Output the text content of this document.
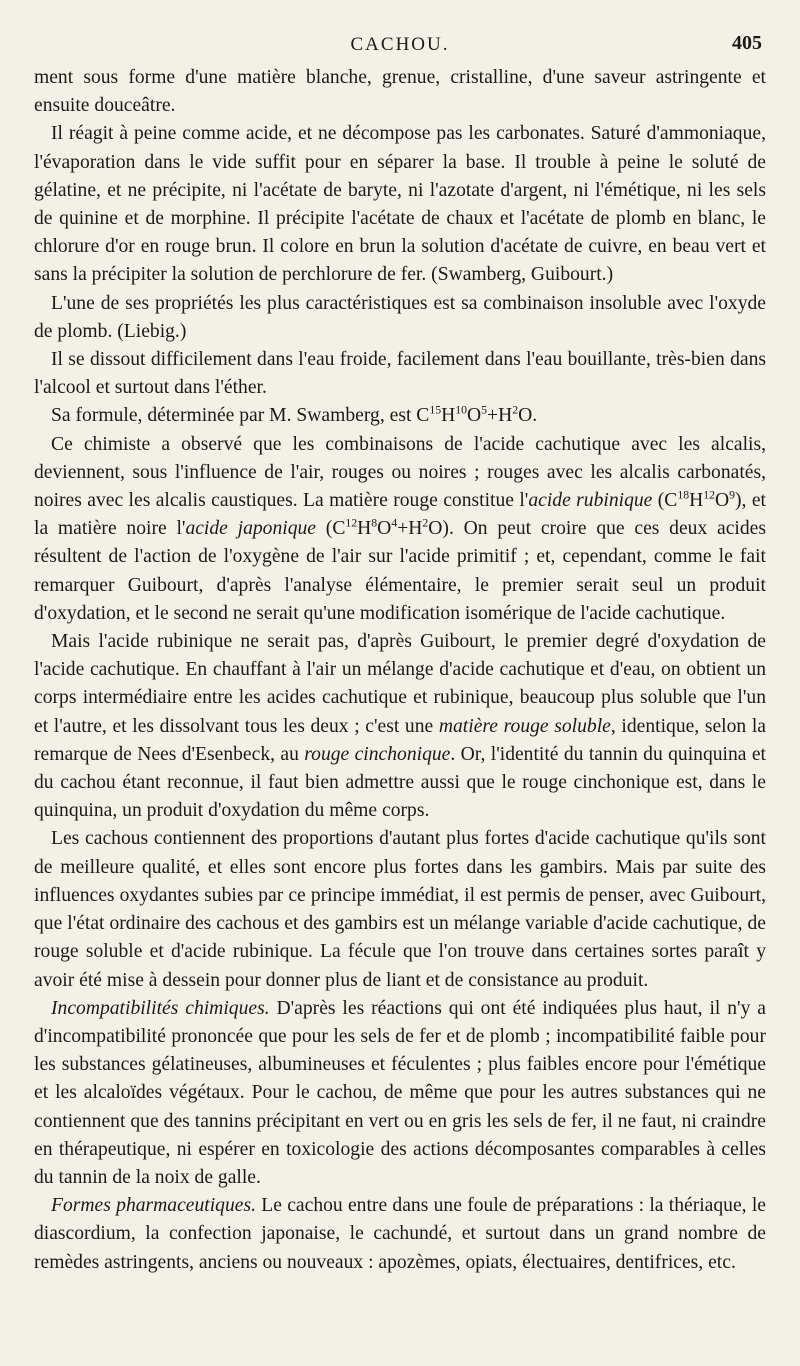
CACHOU.	405

ment sous forme d'une matière blanche, grenue, cristalline, d'une saveur astringente et ensuite douceâtre.

Il réagit à peine comme acide, et ne décompose pas les carbonates. Saturé d'ammoniaque, l'évaporation dans le vide suffit pour en séparer la base. Il trouble à peine le soluté de gélatine, et ne précipite, ni l'acétate de baryte, ni l'azotate d'argent, ni l'émétique, ni les sels de quinine et de morphine. Il précipite l'acétate de chaux et l'acétate de plomb en blanc, le chlorure d'or en rouge brun. Il colore en brun la solution d'acétate de cuivre, en beau vert et sans la précipiter la solution de perchlorure de fer. (Swamberg, Guibourt.)

L'une de ses propriétés les plus caractéristiques est sa combinaison insoluble avec l'oxyde de plomb. (Liebig.)

Il se dissout difficilement dans l'eau froide, facilement dans l'eau bouillante, très-bien dans l'alcool et surtout dans l'éther.

Sa formule, déterminée par M. Swamberg, est $C^{15}H^{10}O^5+H^2O$.

Ce chimiste a observé que les combinaisons de l'acide cachutique avec les alcalis, deviennent, sous l'influence de l'air, rouges ou noires ; rouges avec les alcalis carbonatés, noires avec les alcalis caustiques. La matière rouge constitue l'acide rubinique $(C^{18}H^{12}O^9)$, et la matière noire l'acide japonique $(C^{12}H^8O^4+H^2O)$. On peut croire que ces deux acides résultent de l'action de l'oxygène de l'air sur l'acide primitif ; et, cependant, comme le fait remarquer Guibourt, d'après l'analyse élémentaire, le premier serait seul un produit d'oxydation, et le second ne serait qu'une modification isomérique de l'acide cachutique.

Mais l'acide rubinique ne serait pas, d'après Guibourt, le premier degré d'oxydation de l'acide cachutique. En chauffant à l'air un mélange d'acide cachutique et d'eau, on obtient un corps intermédiaire entre les acides cachutique et rubinique, beaucoup plus soluble que l'un et l'autre, et les dissolvant tous les deux ; c'est une matière rouge soluble, identique, selon la remarque de Nees d'Esenbeck, au rouge cinchonique. Or, l'identité du tannin du quinquina et du cachou étant reconnue, il faut bien admettre aussi que le rouge cinchonique est, dans le quinquina, un produit d'oxydation du même corps.

Les cachous contiennent des proportions d'autant plus fortes d'acide cachutique qu'ils sont de meilleure qualité, et elles sont encore plus fortes dans les gambirs. Mais par suite des influences oxydantes subies par ce principe immédiat, il est permis de penser, avec Guibourt, que l'état ordinaire des cachous et des gambirs est un mélange variable d'acide cachutique, de rouge soluble et d'acide rubinique. La fécule que l'on trouve dans certaines sortes paraît y avoir été mise à dessein pour donner plus de liant et de consistance au produit.

Incompatibilités chimiques. D'après les réactions qui ont été indiquées plus haut, il n'y a d'incompatibilité prononcée que pour les sels de fer et de plomb ; incompatibilité faible pour les substances gélatineuses, albumineuses et féculentes ; plus faibles encore pour l'émétique et les alcaloïdes végétaux. Pour le cachou, de même que pour les autres substances qui ne contiennent que des tannins précipitant en vert ou en gris les sels de fer, il ne faut, ni craindre en thérapeutique, ni espérer en toxicologie des actions décomposantes comparables à celles du tannin de la noix de galle.

Formes pharmaceutiques. Le cachou entre dans une foule de préparations : la thériaque, le diascordium, la confection japonaise, le cachundé, et surtout dans un grand nombre de remèdes astringents, anciens ou nouveaux : apozèmes, opiats, électuaires, dentifrices, etc.
